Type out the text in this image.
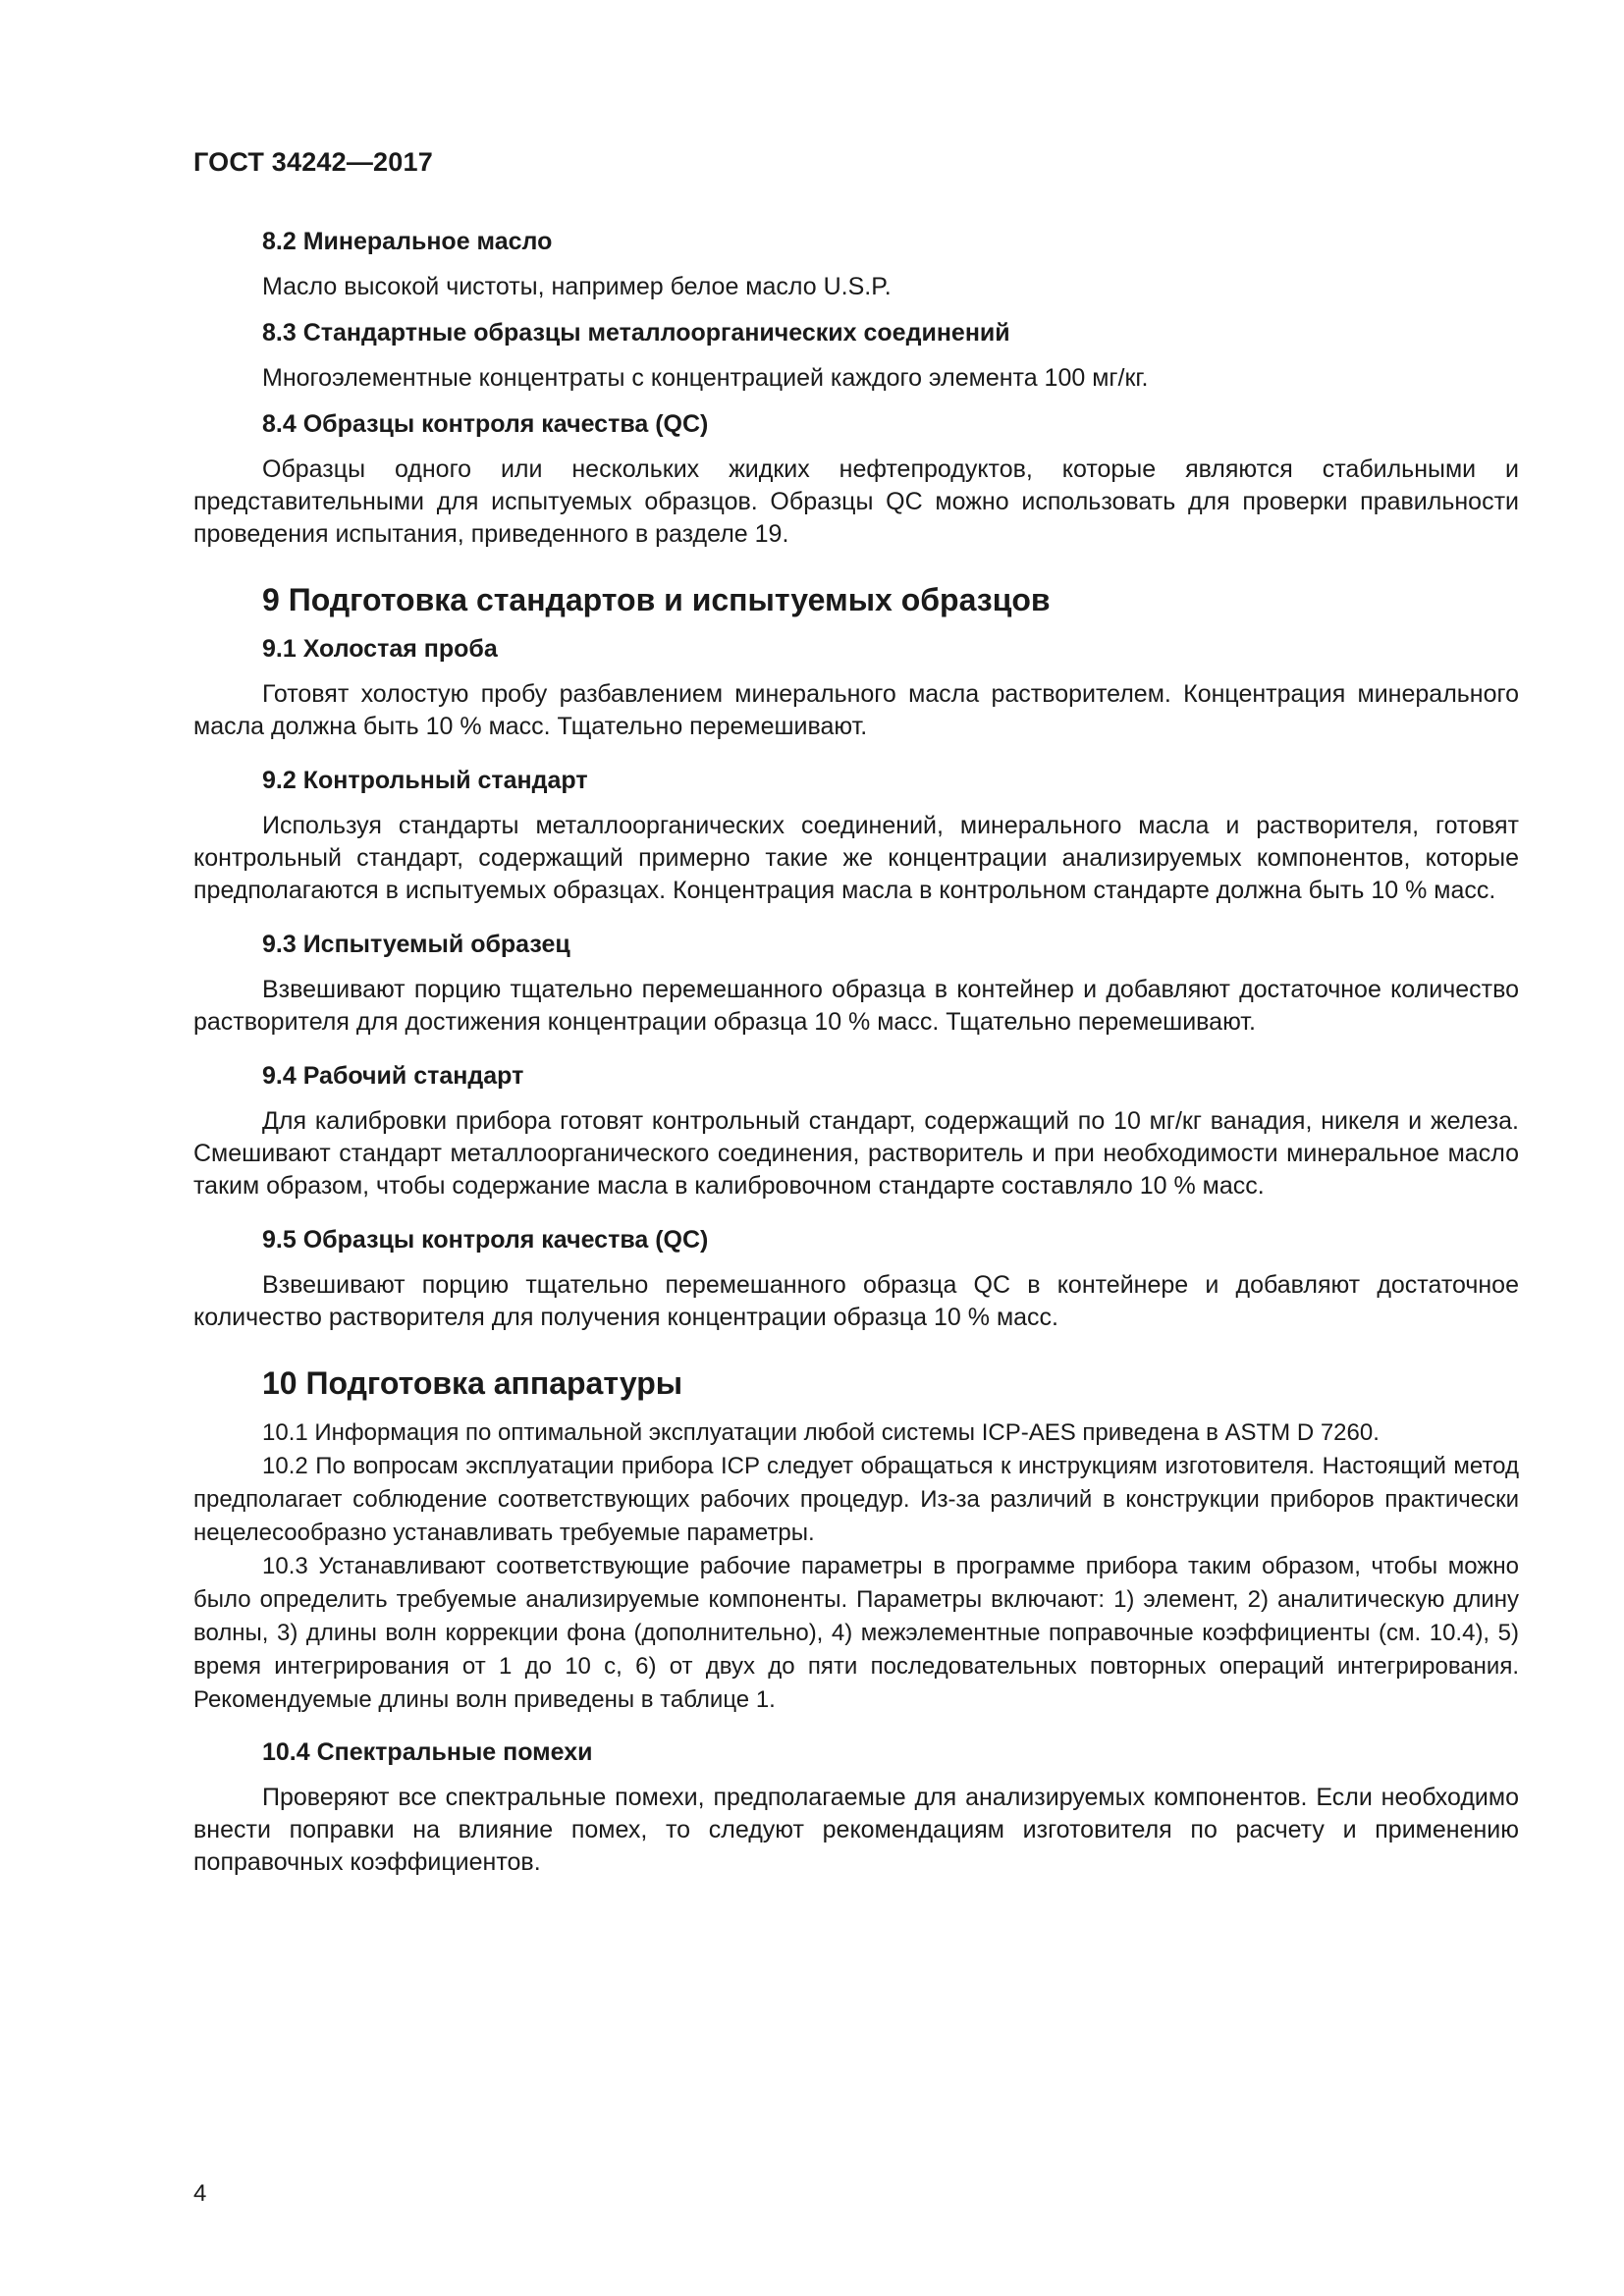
ГОСТ 34242—2017

8.2 Минеральное масло

Масло высокой чистоты, например белое масло U.S.P.

8.3 Стандартные образцы металлоорганических соединений

Многоэлементные концентраты с концентрацией каждого элемента 100 мг/кг.

8.4 Образцы контроля качества (QC)

Образцы одного или нескольких жидких нефтепродуктов, которые являются стабильными и представительными для испытуемых образцов. Образцы QC можно использовать для проверки правильности проведения испытания, приведенного в разделе 19.

9 Подготовка стандартов и испытуемых образцов

9.1 Холостая проба

Готовят холостую пробу разбавлением минерального масла растворителем. Концентрация минерального масла должна быть 10 % масс. Тщательно перемешивают.

9.2 Контрольный стандарт

Используя стандарты металлоорганических соединений, минерального масла и растворителя, готовят контрольный стандарт, содержащий примерно такие же концентрации анализируемых компонентов, которые предполагаются в испытуемых образцах. Концентрация масла в контрольном стандарте должна быть 10 % масс.

9.3 Испытуемый образец

Взвешивают порцию тщательно перемешанного образца в контейнер и добавляют достаточное количество растворителя для достижения концентрации образца 10 % масс. Тщательно перемешивают.

9.4 Рабочий стандарт

Для калибровки прибора готовят контрольный стандарт, содержащий по 10 мг/кг ванадия, никеля и железа. Смешивают стандарт металлоорганического соединения, растворитель и при необходимости минеральное масло таким образом, чтобы содержание масла в калибровочном стандарте составляло 10 % масс.

9.5 Образцы контроля качества (QC)

Взвешивают порцию тщательно перемешанного образца QC в контейнере и добавляют достаточное количество растворителя для получения концентрации образца 10 % масс.

10 Подготовка аппаратуры

10.1 Информация по оптимальной эксплуатации любой системы ICP-AES приведена в ASTM D 7260.

10.2 По вопросам эксплуатации прибора ICP следует обращаться к инструкциям изготовителя. Настоящий метод предполагает соблюдение соответствующих рабочих процедур. Из-за различий в конструкции приборов практически нецелесообразно устанавливать требуемые параметры.

10.3 Устанавливают соответствующие рабочие параметры в программе прибора таким образом, чтобы можно было определить требуемые анализируемые компоненты. Параметры включают: 1) элемент, 2) аналитическую длину волны, 3) длины волн коррекции фона (дополнительно), 4) межэлементные поправочные коэффициенты (см. 10.4), 5) время интегрирования от 1 до 10 с, 6) от двух до пяти последовательных повторных операций интегрирования. Рекомендуемые длины волн приведены в таблице 1.

10.4 Спектральные помехи

Проверяют все спектральные помехи, предполагаемые для анализируемых компонентов. Если необходимо внести поправки на влияние помех, то следуют рекомендациям изготовителя по расчету и применению поправочных коэффициентов.

4
